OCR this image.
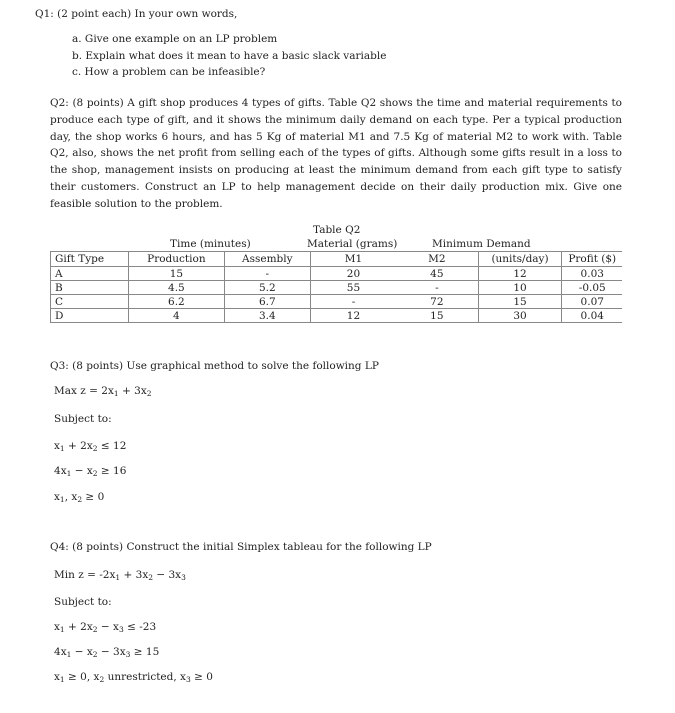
Q1: (2 point each) In your own words,
a. Give one example on an LP problem
b. Explain what does it mean to have a basic slack variable
c. How a problem can be infeasible?
Q2: (8 points) A gift shop produces 4 types of gifts. Table Q2 shows the time and material requirements to produce each type of gift, and it shows the minimum daily demand on each type. Per a typical production day, the shop works 6 hours, and has 5 Kg of material M1 and 7.5 Kg of material M2 to work with. Table Q2, also, shows the net profit from selling each of the types of gifts. Although some gifts result in a loss to the shop, management insists on producing at least the minimum demand from each gift type to satisfy their customers. Construct an LP to help management decide on their daily production mix. Give one feasible solution to the problem.
Table Q2
Time (minutes)	Material (grams)	Minimum Demand
Gift Type	Production	Assembly	M1	M2	(units/day)	Profit ($)
A	15	-	20	45	12	0.03
B	4.5	5.2	55	-	10	-0.05
C	6.2	6.7	-	72	15	0.07
D	4	3.4	12	15	30	0.04
Q3: (8 points) Use graphical method to solve the following LP
Max $z = 2x_1 + 3x_2$
Subject to:
$x_1 + 2x_2 \le 12$
$4x_1 - x_2 \ge 16$
$x_1$, $x_2 \ge 0$
Q4: (8 points) Construct the initial Simplex tableau for the following LP
Min $z = -2x_1 + 3x_2 - 3x_3$
Subject to:
$x_1 + 2x_2 - x_3 \le -23$
$4x_1 - x_2 - 3x_3 \ge 15$
$x_1 \ge 0$, $x_2$ unrestricted, $x_3 \ge 0$
